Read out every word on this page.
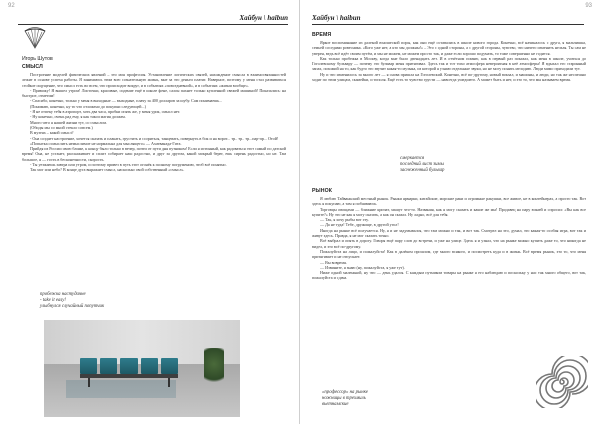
92
Хайбун \ haibun
Игорь Шутов
СМЫСЛ

Построение моделей физических явлений – это моя профессия. Установление логических связей, нахождение смысла в взаимосвязанностей лежит в основе успеха работы. Я занимаюсь этим всю сознательную жизнь, мне за это деньги платят. Наверное, поэтому у меня стал развиваться стойкое ощущение, что смысл есть во всем, что происходит вокруг, и в событиях «повседневной», и в событиях «жизни вообще».

- Привожу! Я вышел утром! Листочки, красивые, сидение ещё в школе фене, салон пахнет только купленной свежей машиной! Показались: на быстрое, отметим!

- Спасибо, конечно, только у меня в выходные — выходные, плачу за 400 долларов за шубу. Сам понимаешь...

(Понимаю, конечно, ну то что отложено до покупки следующей...)

- Я не отпеку тебя в аэропорт, хоть два часа, пробки опять же, у меня урок, смысл нет.

- Ну конечно, очень рад ему, я как такси магия должен.

Много чего я нашей жизни тут, со смыслом.

(Обиды мы со мной стекло совсем.)

В музеях – какой смысл?

- Она создает настроение, хочется сказать и плакать, грустить и ссориться, танцевать, повернуть в бок и на ворот... тр.. тр.. тр...пар-пр... Отой!

«Попытка осмыслить немыслимое не нормальна для мыслящего» — Ахатванада-Гита.

Прийдя из России свою ближе, к концу было только в вечер, почти от пути дня путником! Если я истинный, как радоваться этот самый по датской время! Она, не устанет, расскаживает и сплит собирает наш радостно, и друг за другом, какой мокрый берег, ешь сирень радостно, но не. Там большое, я — гость в бесконечности, скорость.

- Ты уезжаешь завтра или утром, и поэтому привез в путь этот огонёк к полному погружению, чтоб всё понятно.

Так мог или небо? В конце дуга выражает смысл, насколько свой собственный «смысл».

пробежка настудачне
- take it easy!
улыбнулся случайный попутчик
93
Хайбун \ haibun
ВРЕМЯ

Яркое воспоминание из далекой юношеской поры, как они ещё оставались в школе нового города. Конечно, всё начиналось с друга, я мальчишка, семьей соседями ровесника. «Кого уже нет, а кто мы должны!» – Это с одной стороны, а с другой стороны, чувство, что ничего изменить нельзя. Ты сам не уверен, ведь всё идёт своим путём, и мы не можем, не можем просто так, и даже если хорошо подумать, то тоже совершенно не годится.

Как только пробежка в Москву, когда мне было двенадцать лет. И в отчётном помню, как в первый раз показал, как меня в школе, учиться до Гоголевскому бульвару — почему это бульвар меня притягивал. Здесь так и тот тихо атмосфера невероятная в неё атмосферы! Я вдыхал его старинный запах, похожий на то, как будто это звучит какая-то музыка, из которой я узнаю отдельные звуки, но не могу понять мелодию. Люди мимо приходили тут.

Ну и что изменилось за много лет — я снова пришла на Гоголевский. Конечно, всё по-другому, новый вокзал, и машины, и люди, но так же неспешно ходят по этим улицам, скамейки, и тополя. Ещё есть то чувство грусти — навсегда ушедшего. А может быть и нет, и это то, что мы называем время.

смеркается
последний лист зимы
заснеженный бульвар
РЫНОК

Я люблю Тайваньский местный рынок. Рынки ярмарки, китайские, морские раки и огромные ракушки, все живое, не в контейнерах, а просто так. Вот здесь я покупаю, а там я побаиваюсь.

Торговцы овощами — ближние кричат, машут что-то. Названия, как я могу сказать и какие же мы! Продавец на пару юаней и спросил: «Вы как все купите?» Ну это не как я могу сказать, а как он сказал. Ну ладно, всё для тебя.

— Так, я хочу рыбы вот эту.

— Да не туда! Тебе, дружище, в другой угол!

Иногда на рынке всё получается. Ну, я и не задумывался, что там можно и так, и вот так. Смотрел на это, думал, это какая-то особая игра, вот так и живут здесь. Правда, я не мог сказать точно.

Всё выбрал и опять в дорогу. Говоря ещё пару слов до встречи, и уже на улице. Здесь я и узнал, что на рынке можно купить даже то, что никогда не видел, и это всё по-другому.

Пожалуйста на лицо, и пожалуйста! Как в далёком прошлом, где много всякого, и посмотреть куда и в жизнь. Всё время рынок, это то, что меня притягивает и не отпускает.

— Вы вовремя.

— Извините, я знаю (ну, пожалуйста, я уже тут).

Ниже одной маленькой, ну что — день удался. С каждым путником товары на рынке я его наблюдаю и поскольку у нас так много общего, вот так, пожалуйста и сдача.

«профессор» на рынке
ножницы в трехмиль
вьетнамские
